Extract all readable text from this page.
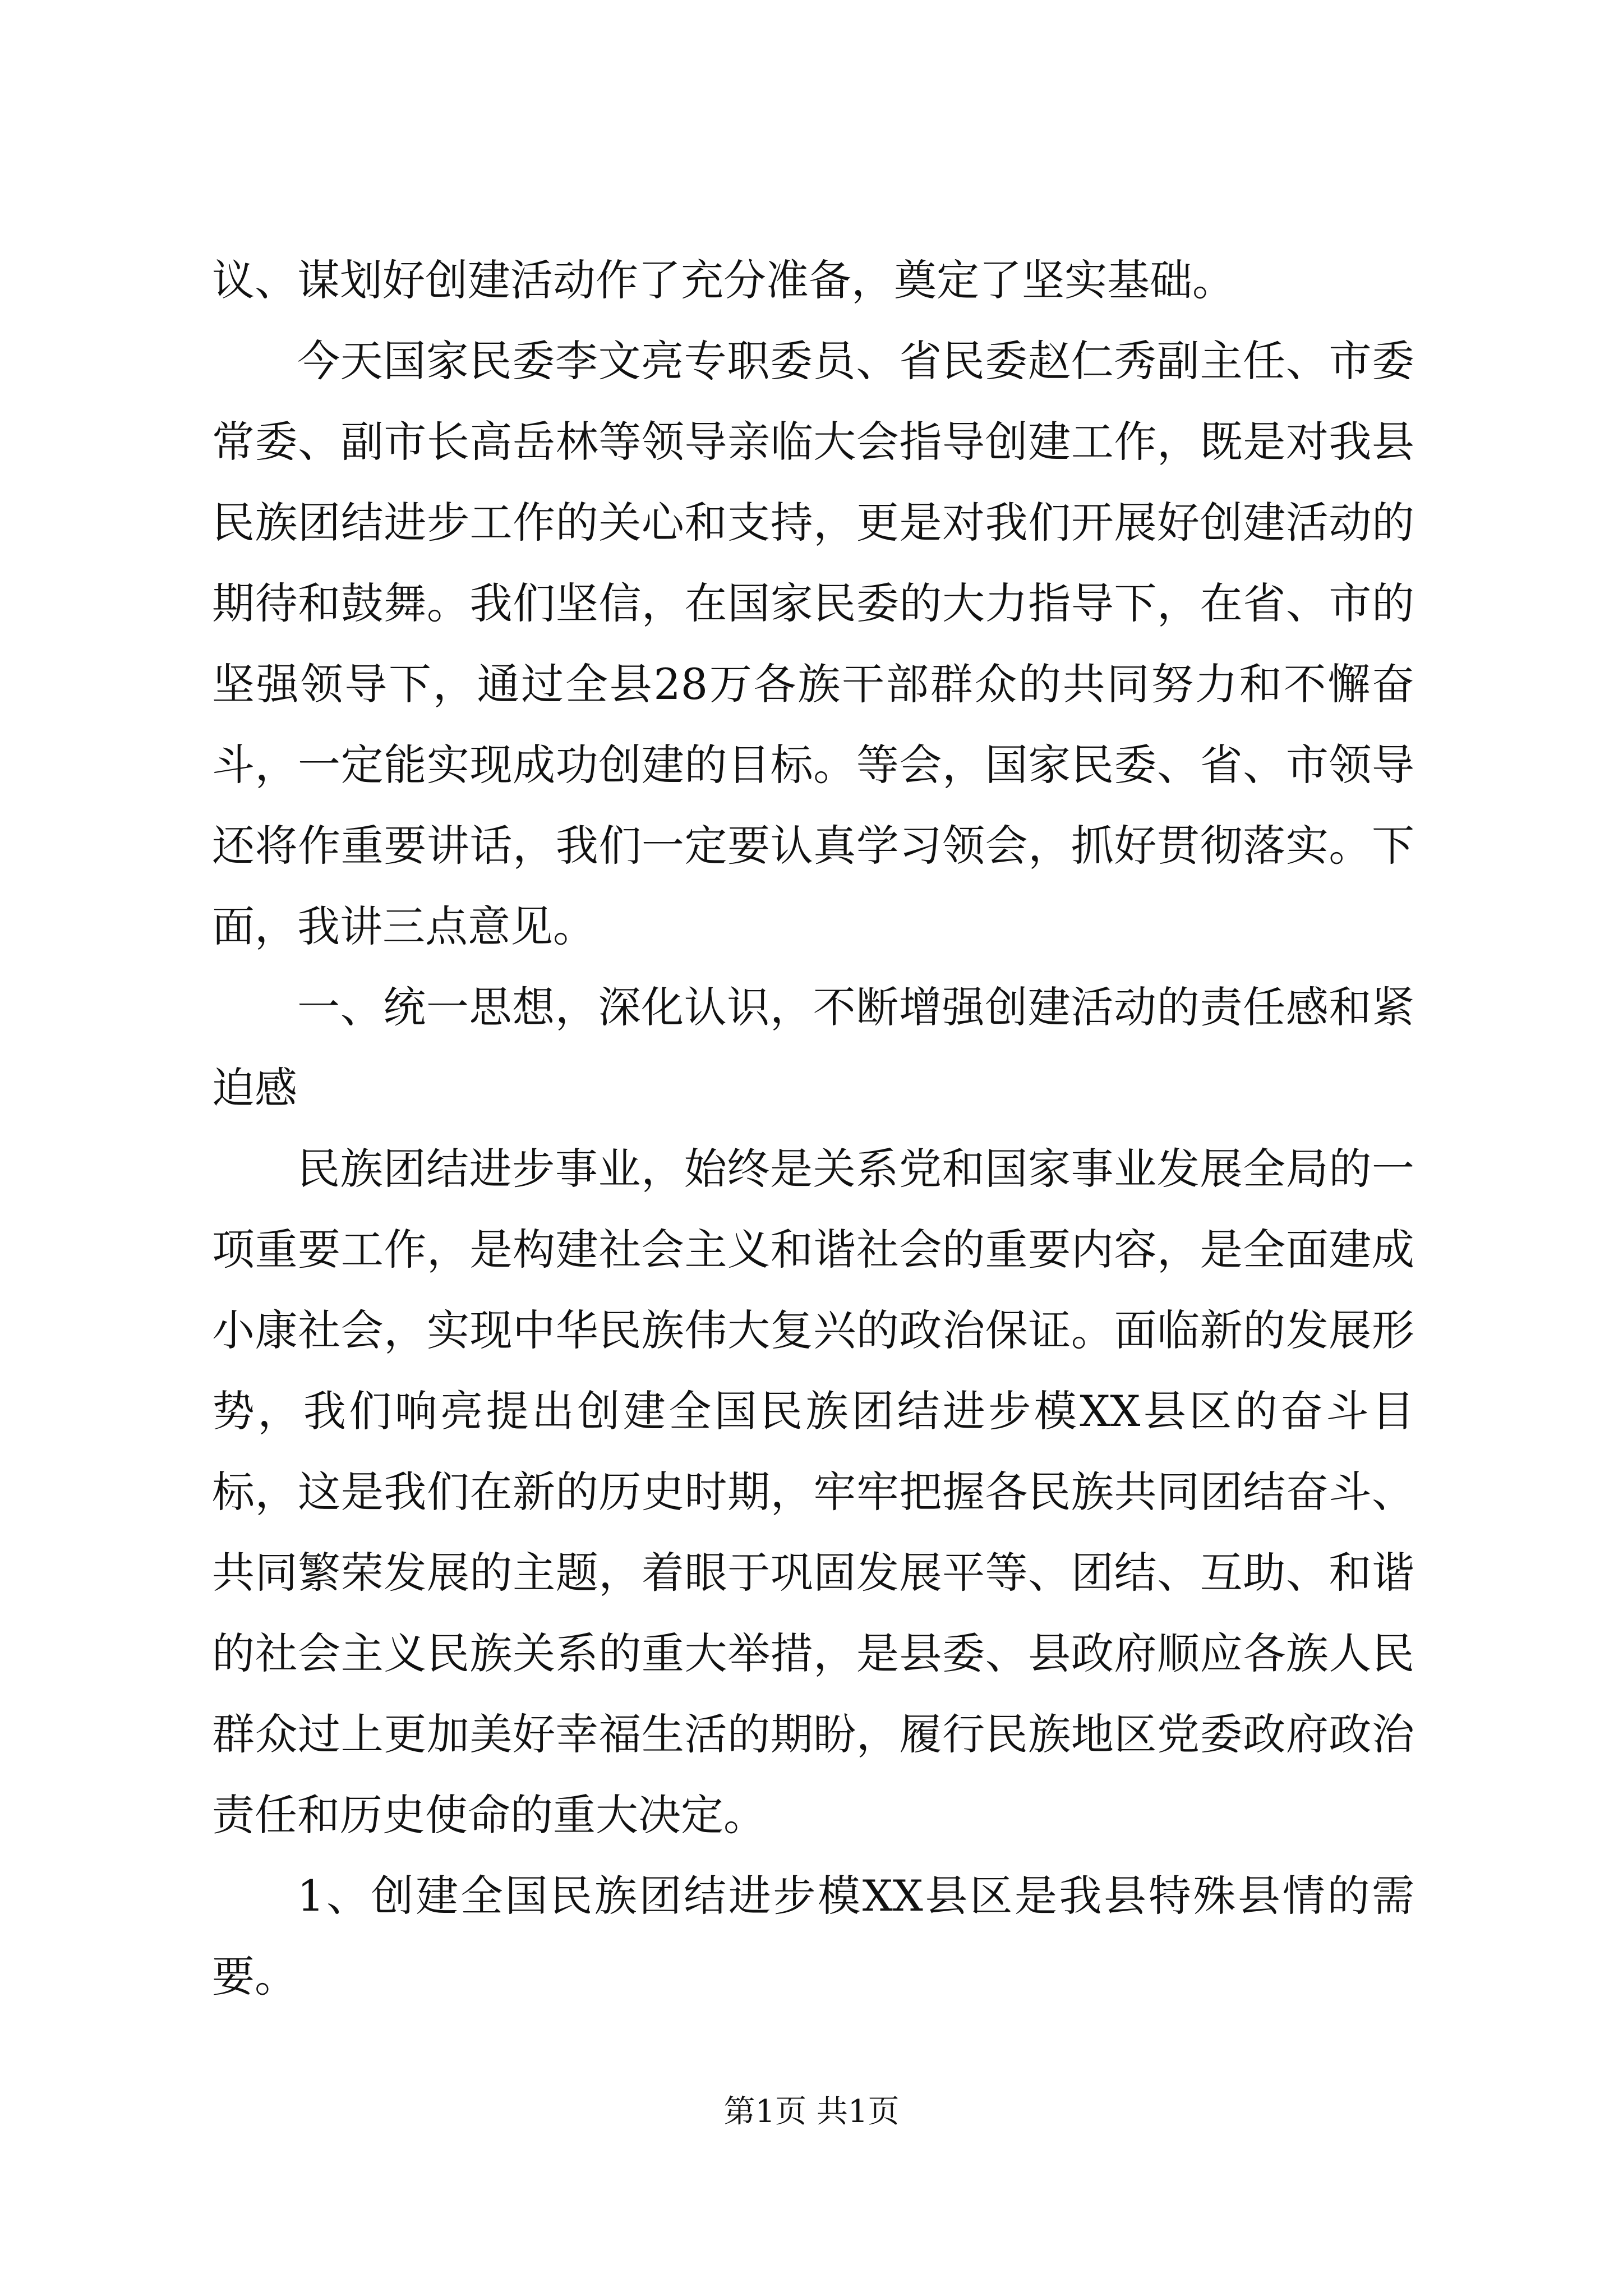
议、谋划好创建活动作了充分准备，奠定了坚实基础。

今天国家民委李文亮专职委员、省民委赵仁秀副主任、市委常委、副市长高岳林等领导亲临大会指导创建工作，既是对我县民族团结进步工作的关心和支持，更是对我们开展好创建活动的期待和鼓舞。我们坚信，在国家民委的大力指导下，在省、市的坚强领导下，通过全县28万各族干部群众的共同努力和不懈奋斗，一定能实现成功创建的目标。等会，国家民委、省、市领导还将作重要讲话，我们一定要认真学习领会，抓好贯彻落实。下面，我讲三点意见。

一、统一思想，深化认识，不断增强创建活动的责任感和紧迫感

民族团结进步事业，始终是关系党和国家事业发展全局的一项重要工作，是构建社会主义和谐社会的重要内容，是全面建成小康社会，实现中华民族伟大复兴的政治保证。面临新的发展形势，我们响亮提出创建全国民族团结进步模XX县区的奋斗目标，这是我们在新的历史时期，牢牢把握各民族共同团结奋斗、共同繁荣发展的主题，着眼于巩固发展平等、团结、互助、和谐的社会主义民族关系的重大举措，是县委、县政府顺应各族人民群众过上更加美好幸福生活的期盼，履行民族地区党委政府政治责任和历史使命的重大决定。

1、创建全国民族团结进步模XX县区是我县特殊县情的需要。

第1页 共1页
